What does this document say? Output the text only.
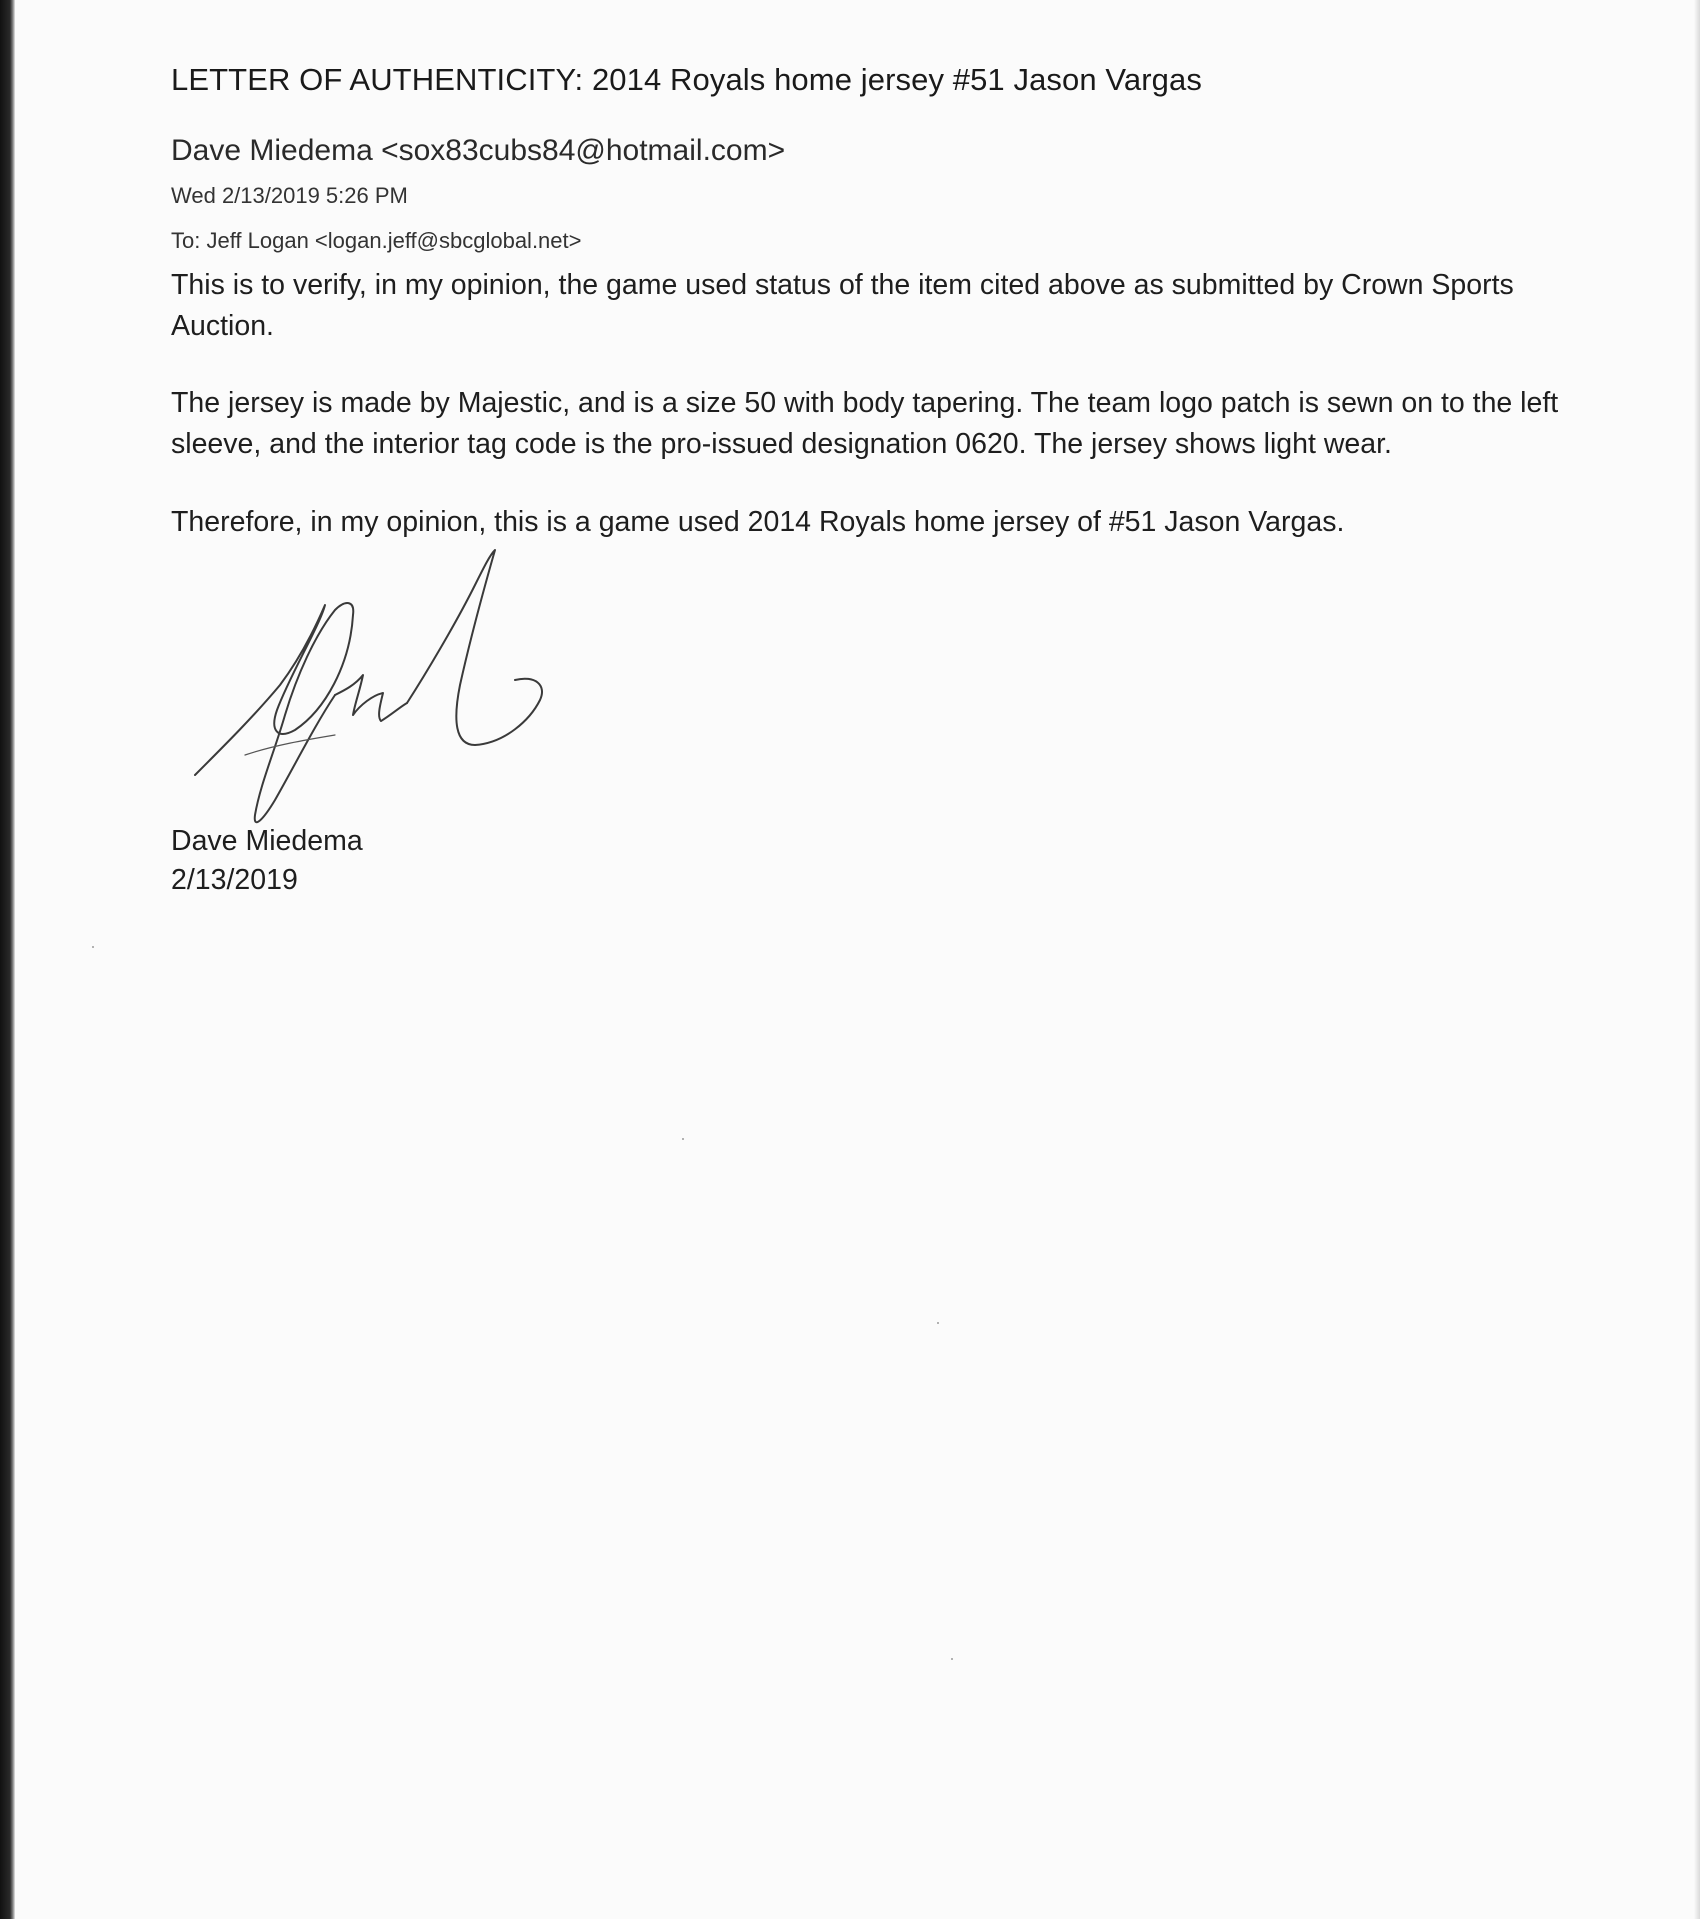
LETTER OF AUTHENTICITY: 2014 Royals home jersey #51 Jason Vargas
Dave Miedema <sox83cubs84@hotmail.com>
Wed 2/13/2019 5:26 PM
To: Jeff Logan <logan.jeff@sbcglobal.net>
This is to verify, in my opinion, the game used status of the item cited above as submitted by Crown Sports Auction.
The jersey is made by Majestic, and is a size 50 with body tapering. The team logo patch is sewn on to the left sleeve, and the interior tag code is the pro-issued designation 0620. The jersey shows light wear.
Therefore, in my opinion, this is a game used 2014 Royals home jersey of #51 Jason Vargas.
Dave Miedema
2/13/2019
